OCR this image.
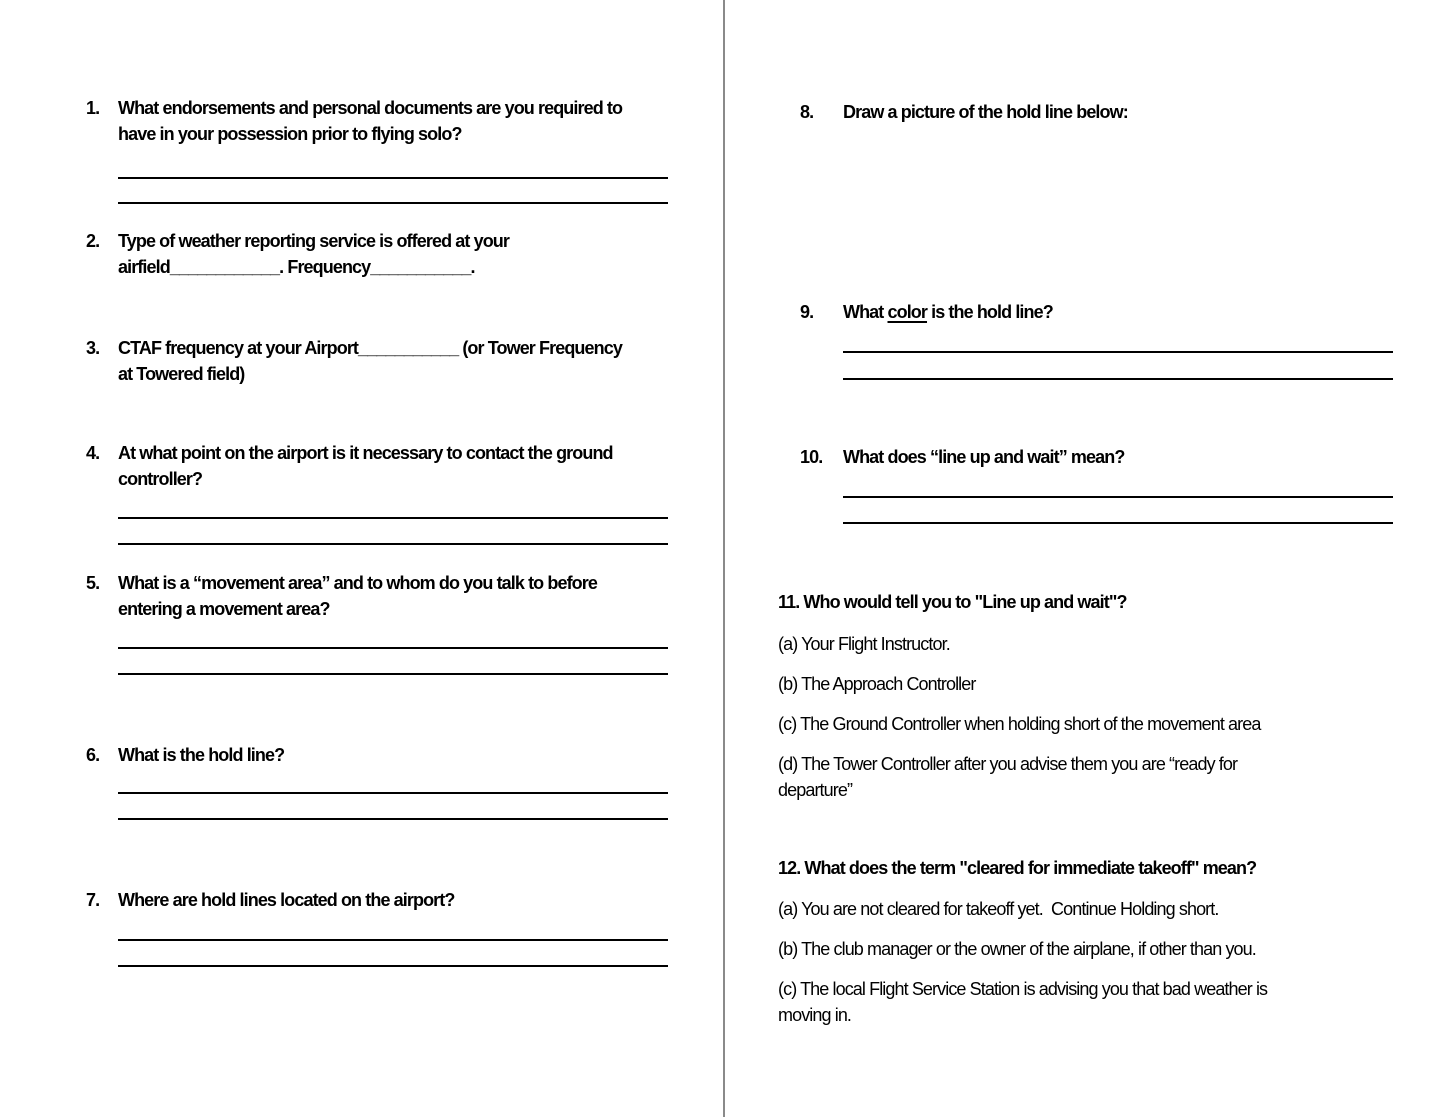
1. What endorsements and personal documents are you required to
have in your possession prior to flying solo?
2. Type of weather reporting service is offered at your
airfield____________. Frequency___________.
3. CTAF frequency at your Airport___________ (or Tower Frequency
at Towered field)
4. At what point on the airport is it necessary to contact the ground
controller?
5. What is a “movement area” and to whom do you talk to before
entering a movement area?
6. What is the hold line?
7. Where are hold lines located on the airport?
8. Draw a picture of the hold line below:
9. What color is the hold line?
10. What does “line up and wait” mean?
11. Who would tell you to "Line up and wait"?
(a) Your Flight Instructor.
(b) The Approach Controller
(c) The Ground Controller when holding short of the movement area
(d) The Tower Controller after you advise them you are “ready for
departure”
12. What does the term "cleared for immediate takeoff" mean?
(a) You are not cleared for takeoff yet.  Continue Holding short.
(b) The club manager or the owner of the airplane, if other than you.
(c) The local Flight Service Station is advising you that bad weather is
moving in.
